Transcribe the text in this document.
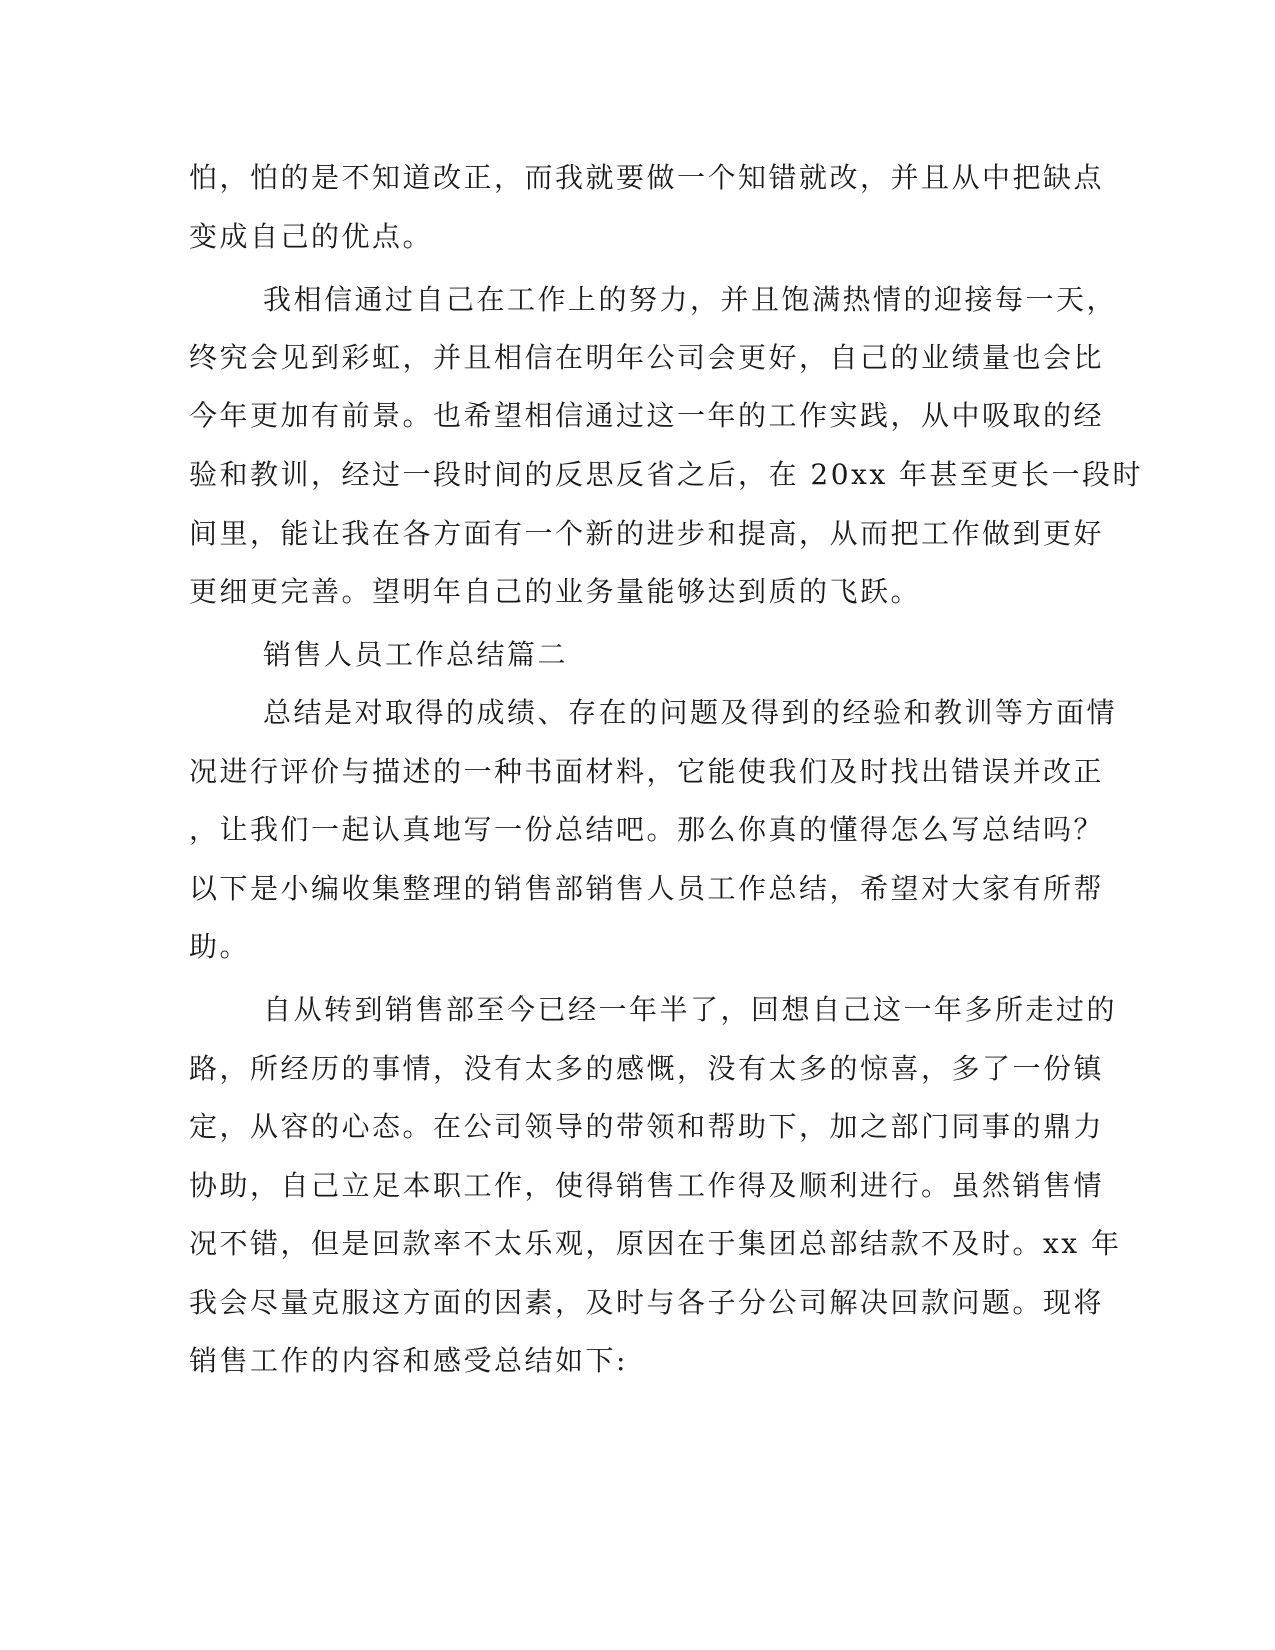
怕，怕的是不知道改正，而我就要做一个知错就改，并且从中把缺点
变成自己的优点。
我相信通过自己在工作上的努力，并且饱满热情的迎接每一天，
终究会见到彩虹，并且相信在明年公司会更好，自己的业绩量也会比
今年更加有前景。也希望相信通过这一年的工作实践，从中吸取的经
验和教训，经过一段时间的反思反省之后，在 20xx 年甚至更长一段时
间里，能让我在各方面有一个新的进步和提高，从而把工作做到更好
更细更完善。望明年自己的业务量能够达到质的飞跃。
销售人员工作总结篇二
总结是对取得的成绩、存在的问题及得到的经验和教训等方面情
况进行评价与描述的一种书面材料，它能使我们及时找出错误并改正
，让我们一起认真地写一份总结吧。那么你真的懂得怎么写总结吗？
以下是小编收集整理的销售部销售人员工作总结，希望对大家有所帮
助。
自从转到销售部至今已经一年半了，回想自己这一年多所走过的
路，所经历的事情，没有太多的感慨，没有太多的惊喜，多了一份镇
定，从容的心态。在公司领导的带领和帮助下，加之部门同事的鼎力
协助，自己立足本职工作，使得销售工作得及顺利进行。虽然销售情
况不错，但是回款率不太乐观，原因在于集团总部结款不及时。xx 年
我会尽量克服这方面的因素，及时与各子分公司解决回款问题。现将
销售工作的内容和感受总结如下:
